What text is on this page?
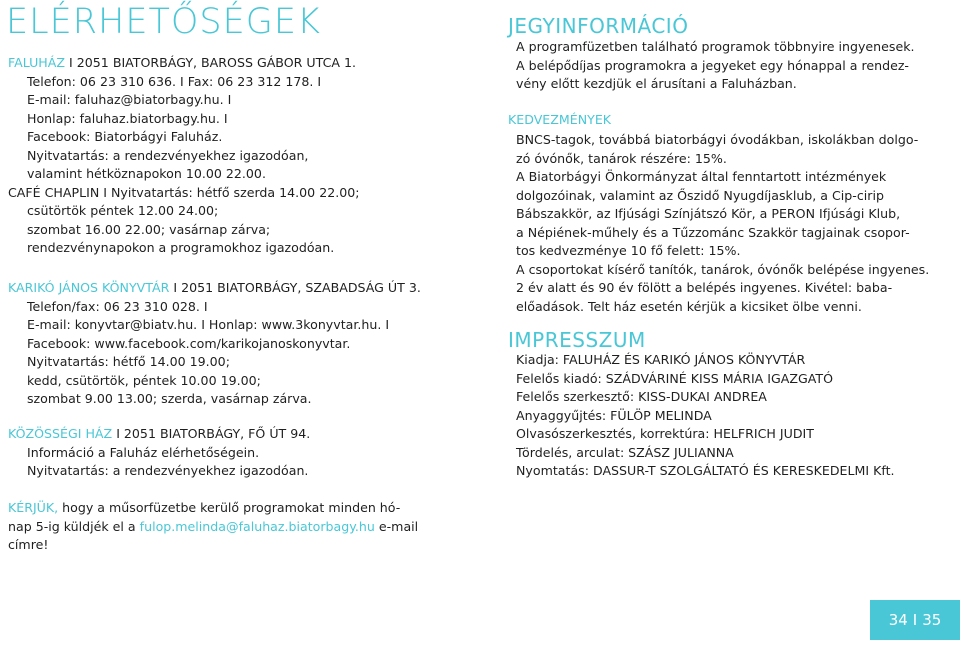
ELÉRHETŐSÉGEK
FALUHÁZ I 2051 BIATORBÁGY, BAROSS GÁBOR UTCA 1.
Telefon: 06 23 310 636. I Fax: 06 23 312 178. I
E-mail: faluhaz@biatorbagy.hu. I
Honlap: faluhaz.biatorbagy.hu. I
Facebook: Biatorbágyi Faluház.
Nyitvatartás: a rendezvényekhez igazodóan,
valamint hétköznapokon 10.00 22.00.
CAFÉ CHAPLIN I Nyitvatartás: hétfő szerda 14.00 22.00;
csütörtök péntek 12.00 24.00;
szombat 16.00 22.00; vasárnap zárva;
rendezvénynapokon a programokhoz igazodóan.
KARIKÓ JÁNOS KÖNYVTÁR I 2051 BIATORBÁGY, SZABADSÁG ÚT 3.
Telefon/fax: 06 23 310 028. I
E-mail: konyvtar@biatv.hu. I Honlap: www.3konyvtar.hu. I
Facebook: www.facebook.com/karikojanoskonyvtar.
Nyitvatartás: hétfő 14.00 19.00;
kedd, csütörtök, péntek 10.00 19.00;
szombat 9.00 13.00; szerda, vasárnap zárva.
KÖZÖSSÉGI HÁZ I 2051 BIATORBÁGY, FŐ ÚT 94.
Információ a Faluház elérhetőségein.
Nyitvatartás: a rendezvényekhez igazodóan.
KÉRJÜK, hogy a műsorfüzetbe kerülő programokat minden hó-
nap 5-ig küldjék el a fulop.melinda@faluhaz.biatorbagy.hu e-mail
címre!
JEGYINFORMÁCIÓ
A programfüzetben található programok többnyire ingyenesek.
A belépődíjas programokra a jegyeket egy hónappal a rendez-
vény előtt kezdjük el árusítani a Faluházban.
KEDVEZMÉNYEK
BNCS-tagok, továbbá biatorbágyi óvodákban, iskolákban dolgo-
zó óvónők, tanárok részére: 15%.
A Biatorbágyi Önkormányzat által fenntartott intézmények
dolgozóinak, valamint az Őszidő Nyugdíjasklub, a Cip-cirip
Bábszakkör, az Ifjúsági Színjátszó Kör, a PERON Ifjúsági Klub,
a Népiének-műhely és a Tűzzománc Szakkör tagjainak csopor-
tos kedvezménye 10 fő felett: 15%.
A csoportokat kísérő tanítók, tanárok, óvónők belépése ingyenes.
2 év alatt és 90 év fölött a belépés ingyenes. Kivétel: baba-
előadások. Telt ház esetén kérjük a kicsiket ölbe venni.
IMPRESSZUM
Kiadja: FALUHÁZ ÉS KARIKÓ JÁNOS KÖNYVTÁR
Felelős kiadó: SZÁDVÁRINÉ KISS MÁRIA IGAZGATÓ
Felelős szerkesztő: KISS-DUKAI ANDREA
Anyaggyűjtés: FÜLÖP MELINDA
Olvasószerkesztés, korrektúra: HELFRICH JUDIT
Tördelés, arculat: SZÁSZ JULIANNA
Nyomtatás: DASSUR-T SZOLGÁLTATÓ ÉS KERESKEDELMI Kft.
34 I 35
